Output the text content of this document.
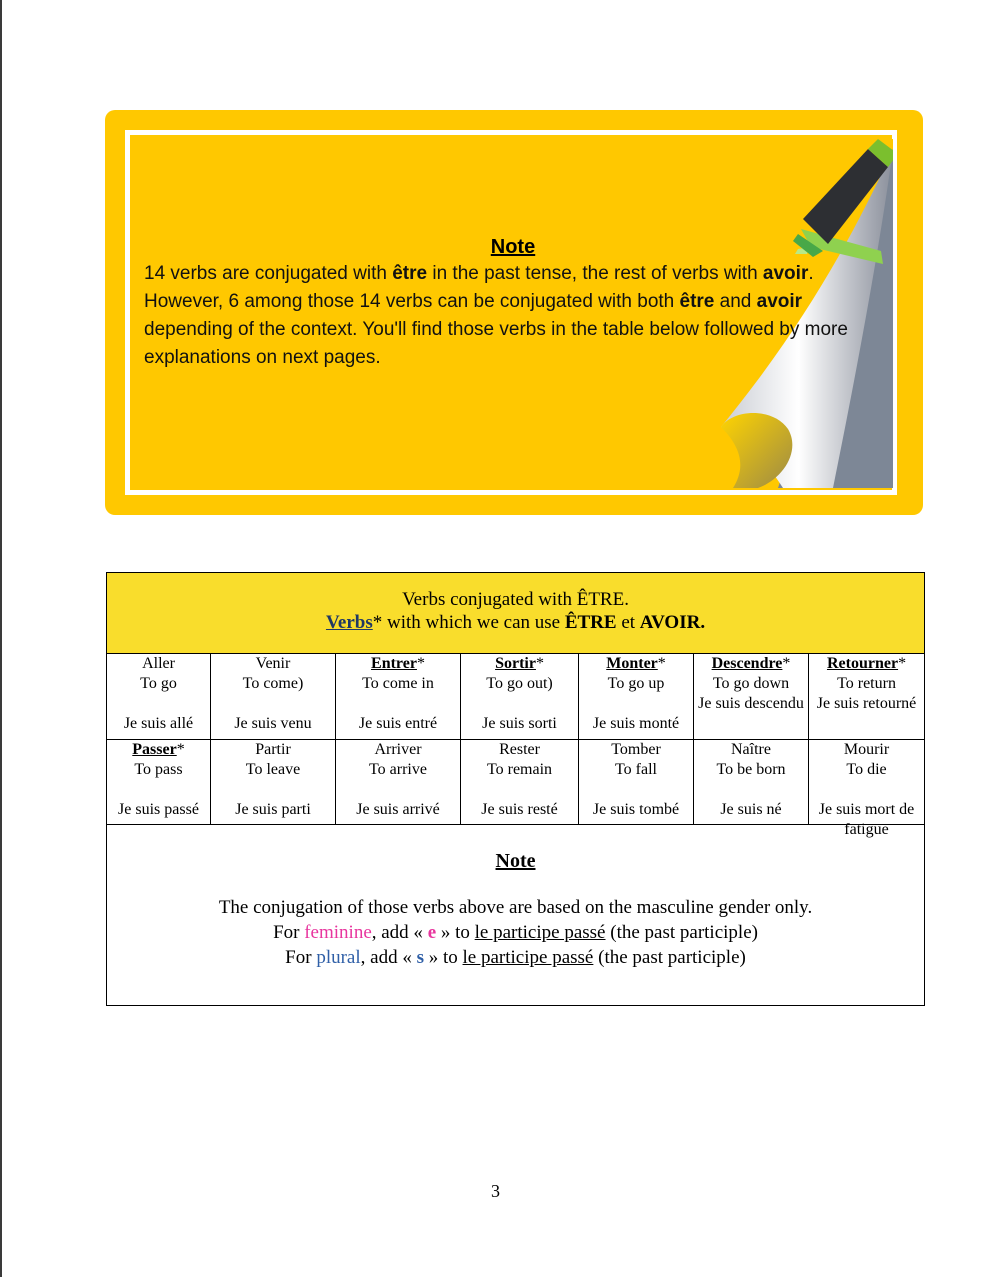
Note

14 verbs are conjugated with être in the past tense, the rest of verbs with avoir. However, 6 among those 14 verbs can be conjugated with both être and avoir depending of the context. You'll find those verbs in the table below followed by more explanations on next pages.

Verbs conjugated with ÊTRE.
Verbs* with which we can use ÊTRE et AVOIR.						

Aller
To go
Je suis allé	Venir
To come)
Je suis venu	Entrer*
To come in
Je suis entré	Sortir*
To go out)
Je suis sorti	Monter*
To go up
Je suis monté	Descendre*
To go down
Je suis descendu	Retourner*
To return
Je suis retourné

Passer*
To pass
Je suis passé	Partir
To leave
Je suis parti	Arriver
To arrive
Je suis arrivé	Rester
To remain
Je suis resté	Tomber
To fall
Je suis tombé	Naître
To be born
Je suis né	Mourir
To die
Je suis mort de fatigue

Note
The conjugation of those verbs above are based on the masculine gender only.
For feminine, add « e » to le participe passé (the past participle)
For plural, add « s » to le participe passé (the past participle)						
3
